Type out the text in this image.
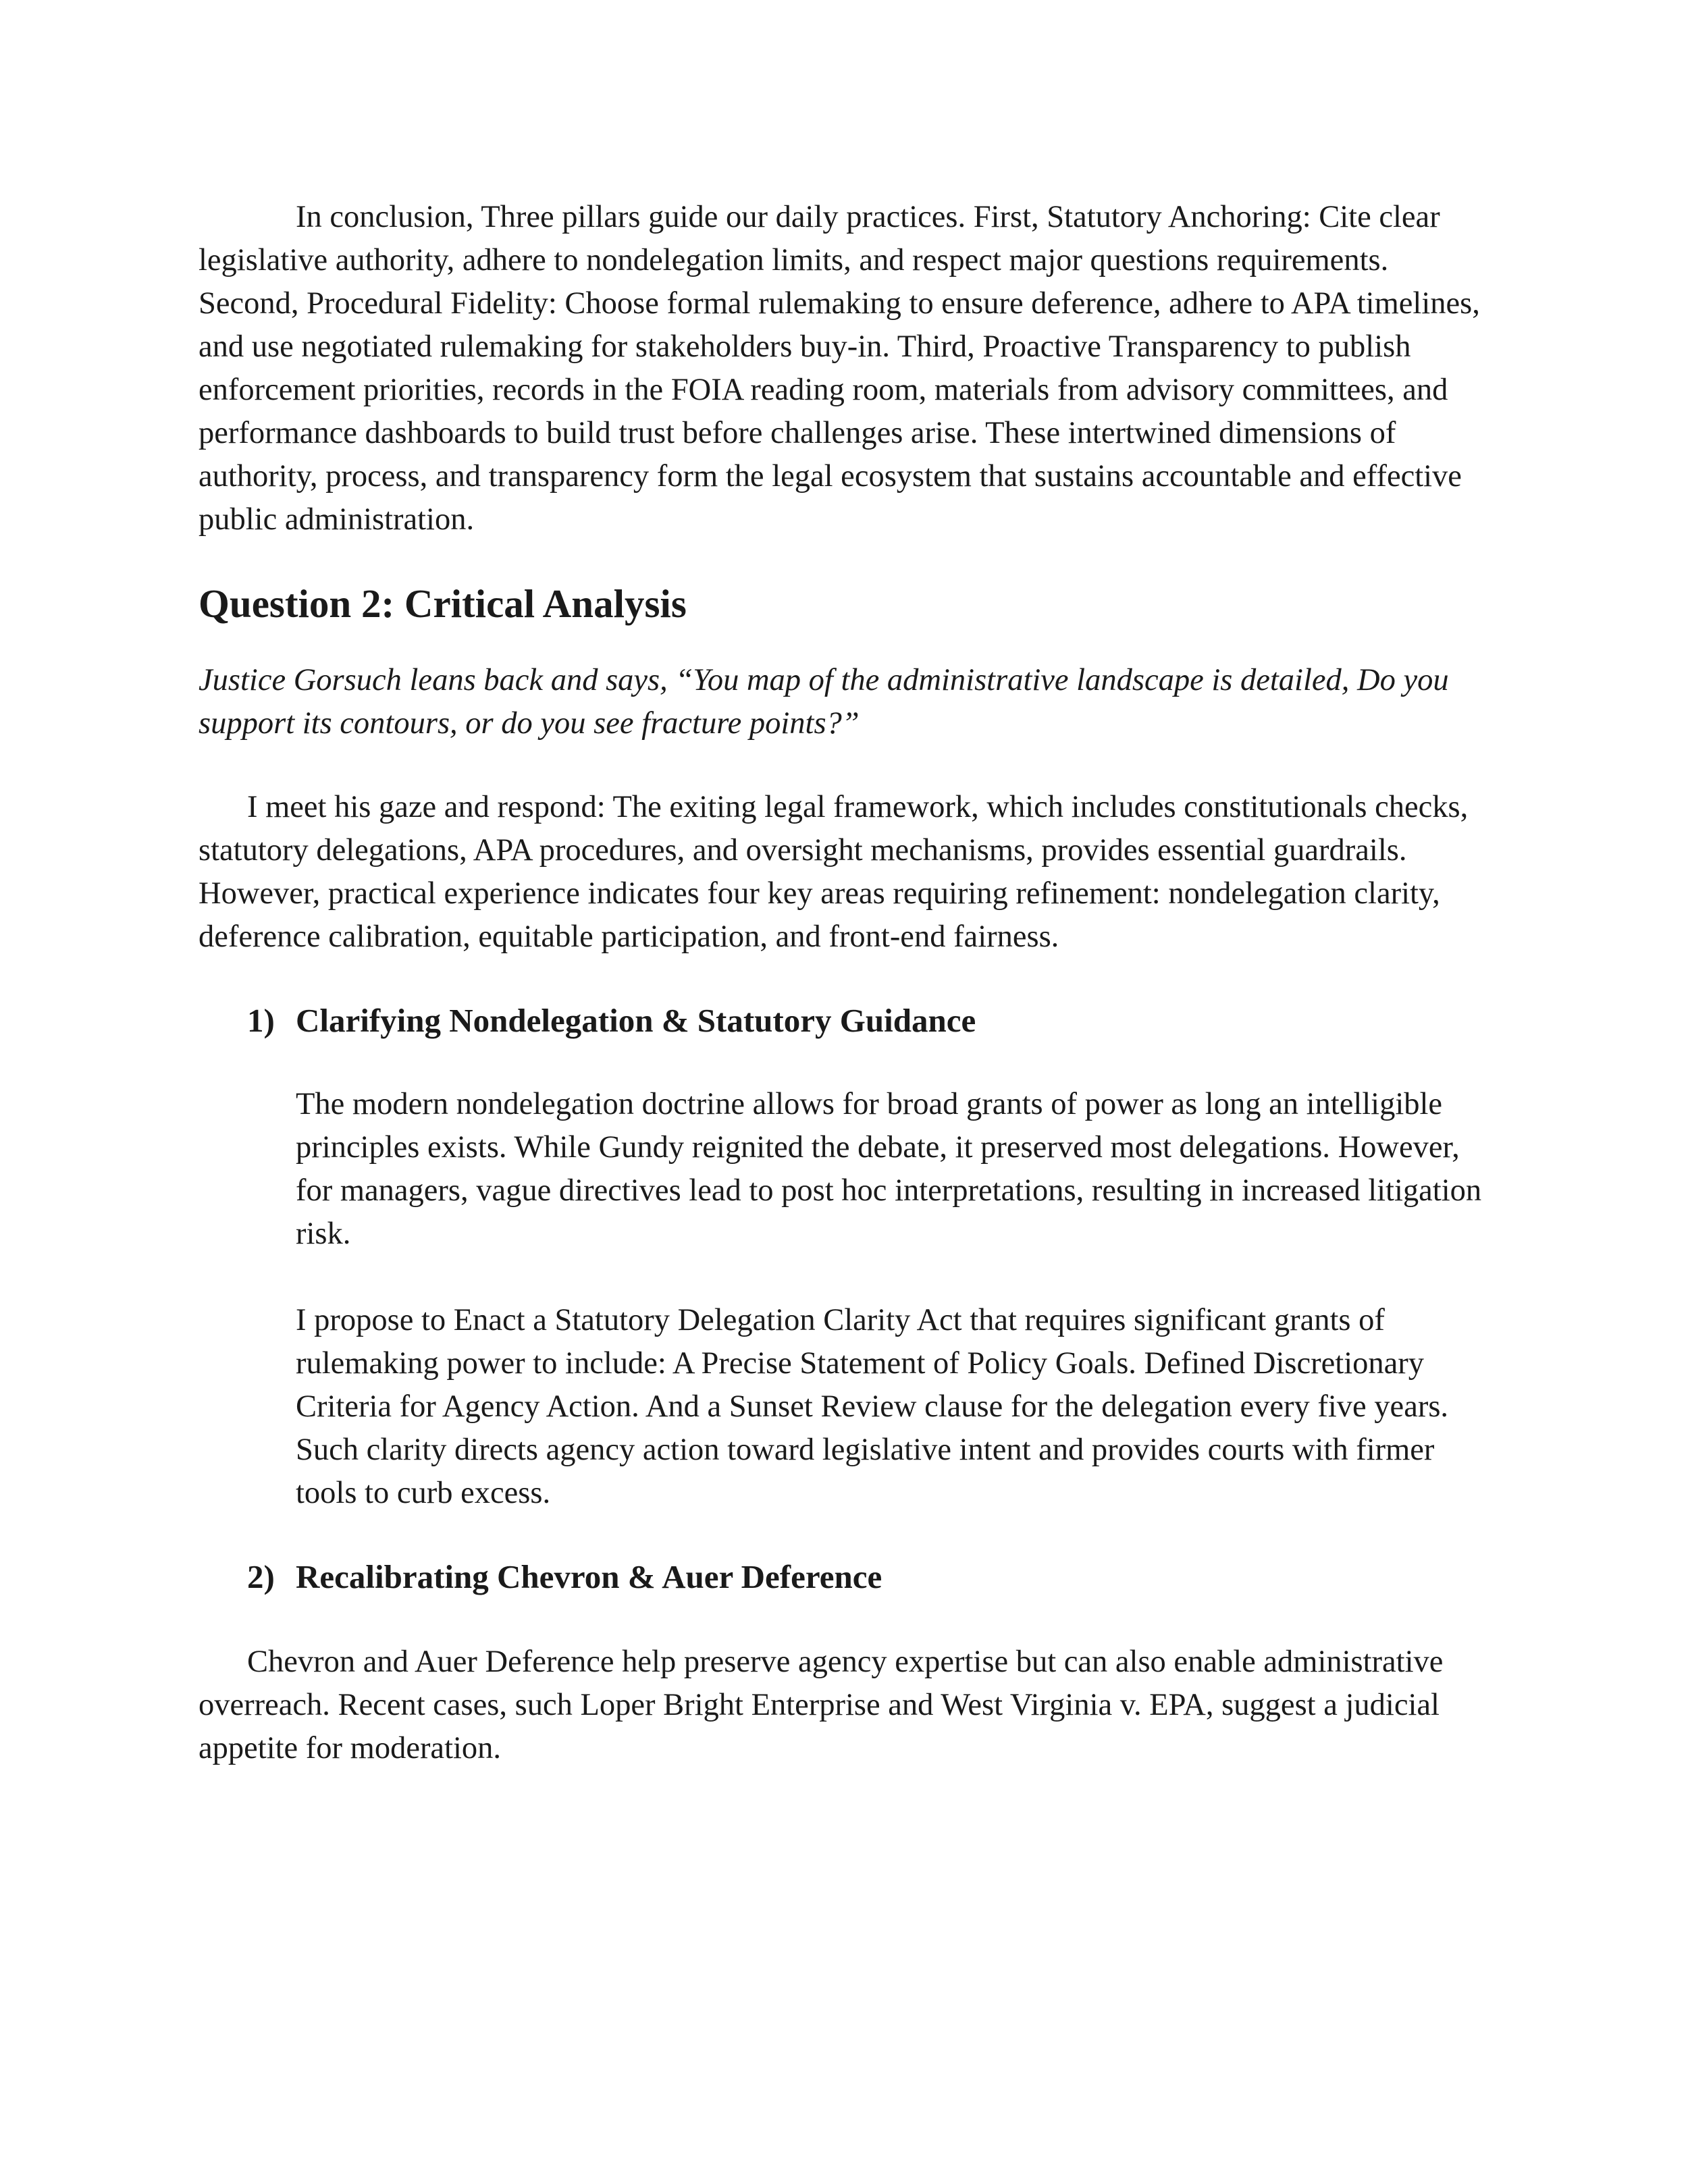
In conclusion, Three pillars guide our daily practices. First, Statutory Anchoring: Cite clear legislative authority, adhere to nondelegation limits, and respect major questions requirements. Second, Procedural Fidelity: Choose formal rulemaking to ensure deference, adhere to APA timelines, and use negotiated rulemaking for stakeholders buy-in. Third, Proactive Transparency to publish enforcement priorities, records in the FOIA reading room, materials from advisory committees, and performance dashboards to build trust before challenges arise. These intertwined dimensions of authority, process, and transparency form the legal ecosystem that sustains accountable and effective public administration.

Question 2: Critical Analysis

Justice Gorsuch leans back and says, “You map of the administrative landscape is detailed, Do you support its contours, or do you see fracture points?”

I meet his gaze and respond: The exiting legal framework, which includes constitutionals checks, statutory delegations, APA procedures, and oversight mechanisms, provides essential guardrails. However, practical experience indicates four key areas requiring refinement: nondelegation clarity, deference calibration, equitable participation, and front-end fairness.

1) Clarifying Nondelegation & Statutory Guidance

The modern nondelegation doctrine allows for broad grants of power as long an intelligible principles exists. While Gundy reignited the debate, it preserved most delegations. However, for managers, vague directives lead to post hoc interpretations, resulting in increased litigation risk.

I propose to Enact a Statutory Delegation Clarity Act that requires significant grants of rulemaking power to include: A Precise Statement of Policy Goals. Defined Discretionary Criteria for Agency Action. And a Sunset Review clause for the delegation every five years. Such clarity directs agency action toward legislative intent and provides courts with firmer tools to curb excess.

2) Recalibrating Chevron & Auer Deference

Chevron and Auer Deference help preserve agency expertise but can also enable administrative overreach. Recent cases, such Loper Bright Enterprise and West Virginia v. EPA, suggest a judicial appetite for moderation.
